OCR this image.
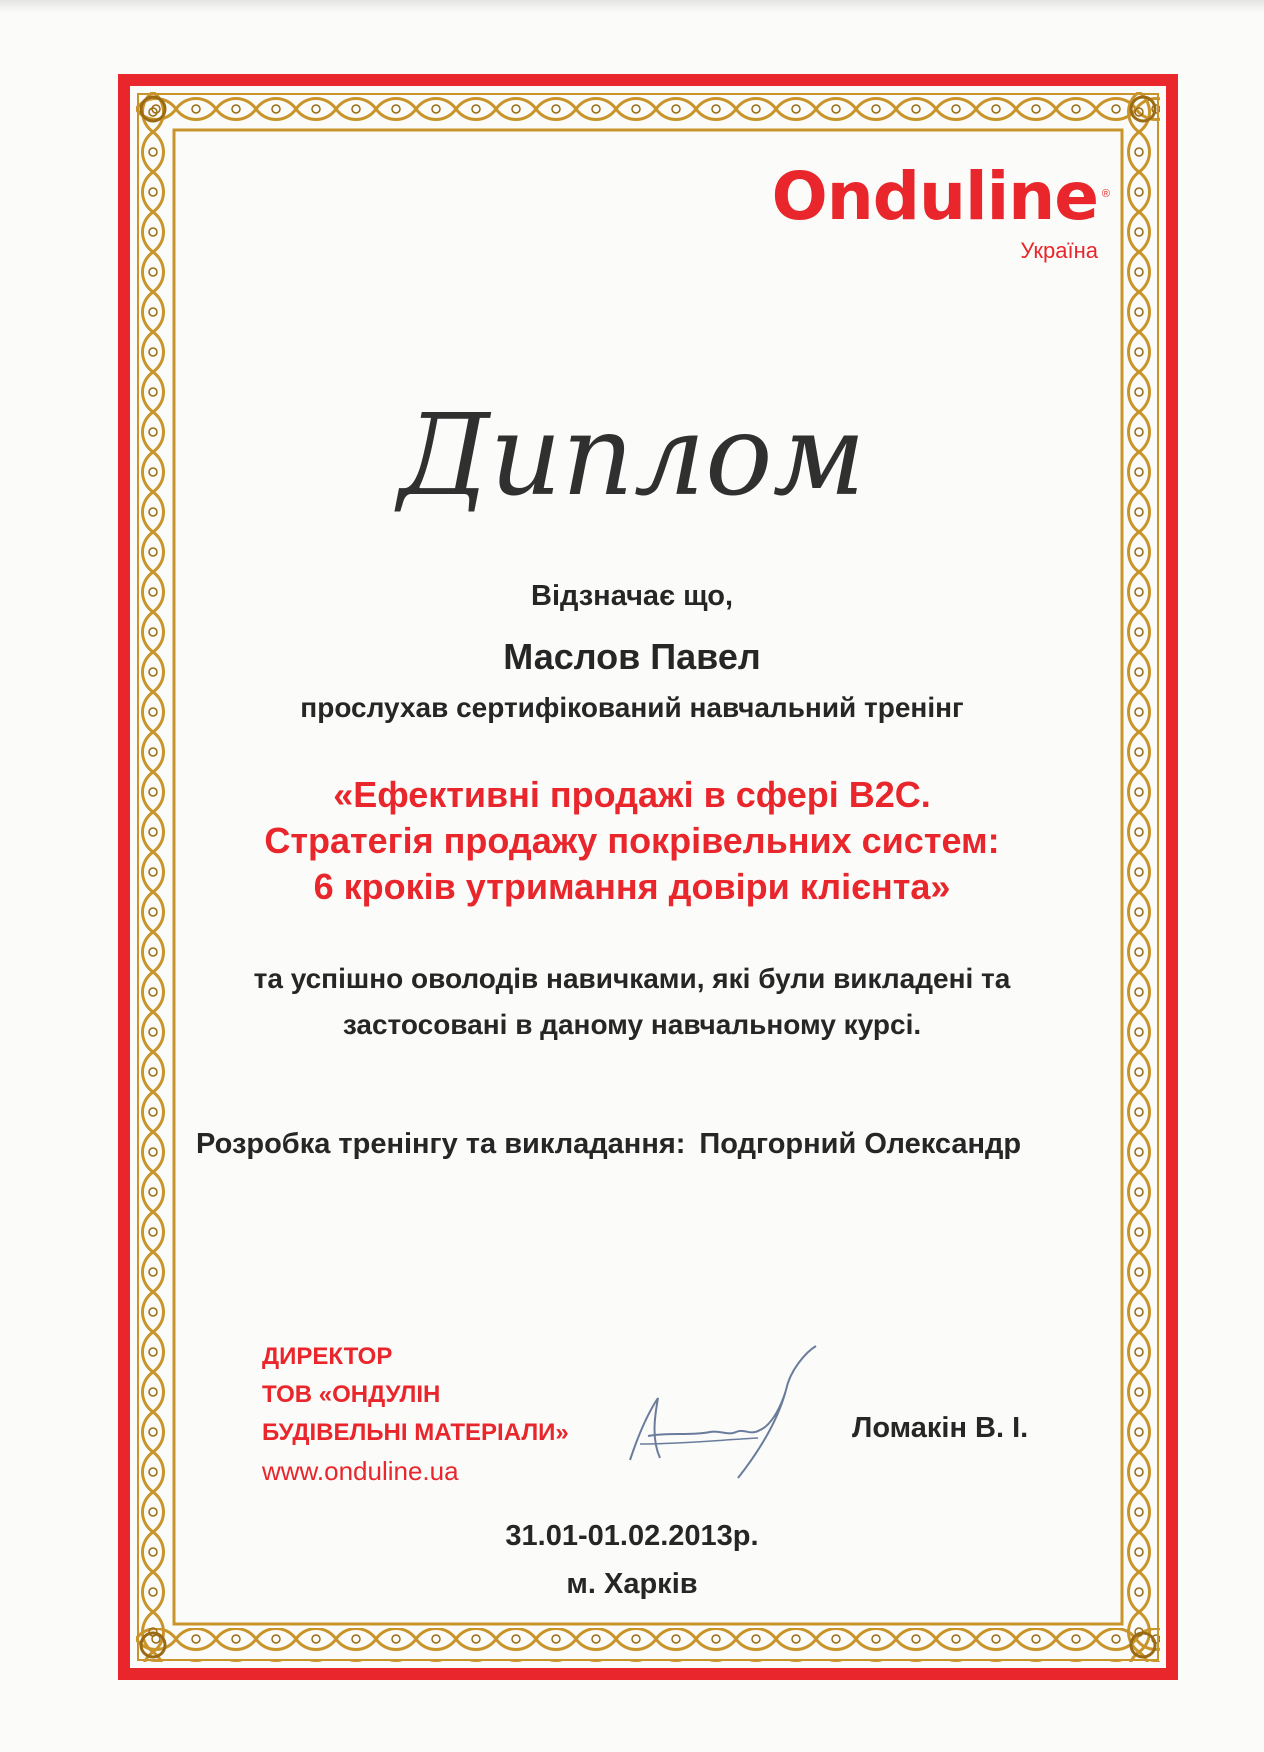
Onduline ®
Україна
Диплом
Відзначає що,
Маслов Павел
прослухав сертифікований навчальний тренінг
«Ефективні продажі в сфері В2С.
Стратегія продажу покрівельних систем:
6 кроків утримання довіри клієнта»
та успішно оволодів навичками, які були викладені та
застосовані в даному навчальному курсі.
Розробка тренінгу та викладання: Подгорний Олександр
ДИРЕКТОР
ТОВ «ОНДУЛІН
БУДІВЕЛЬНІ МАТЕРІАЛИ»
www.onduline.ua
Ломакін В. І.
31.01-01.02.2013р.
м. Харків
